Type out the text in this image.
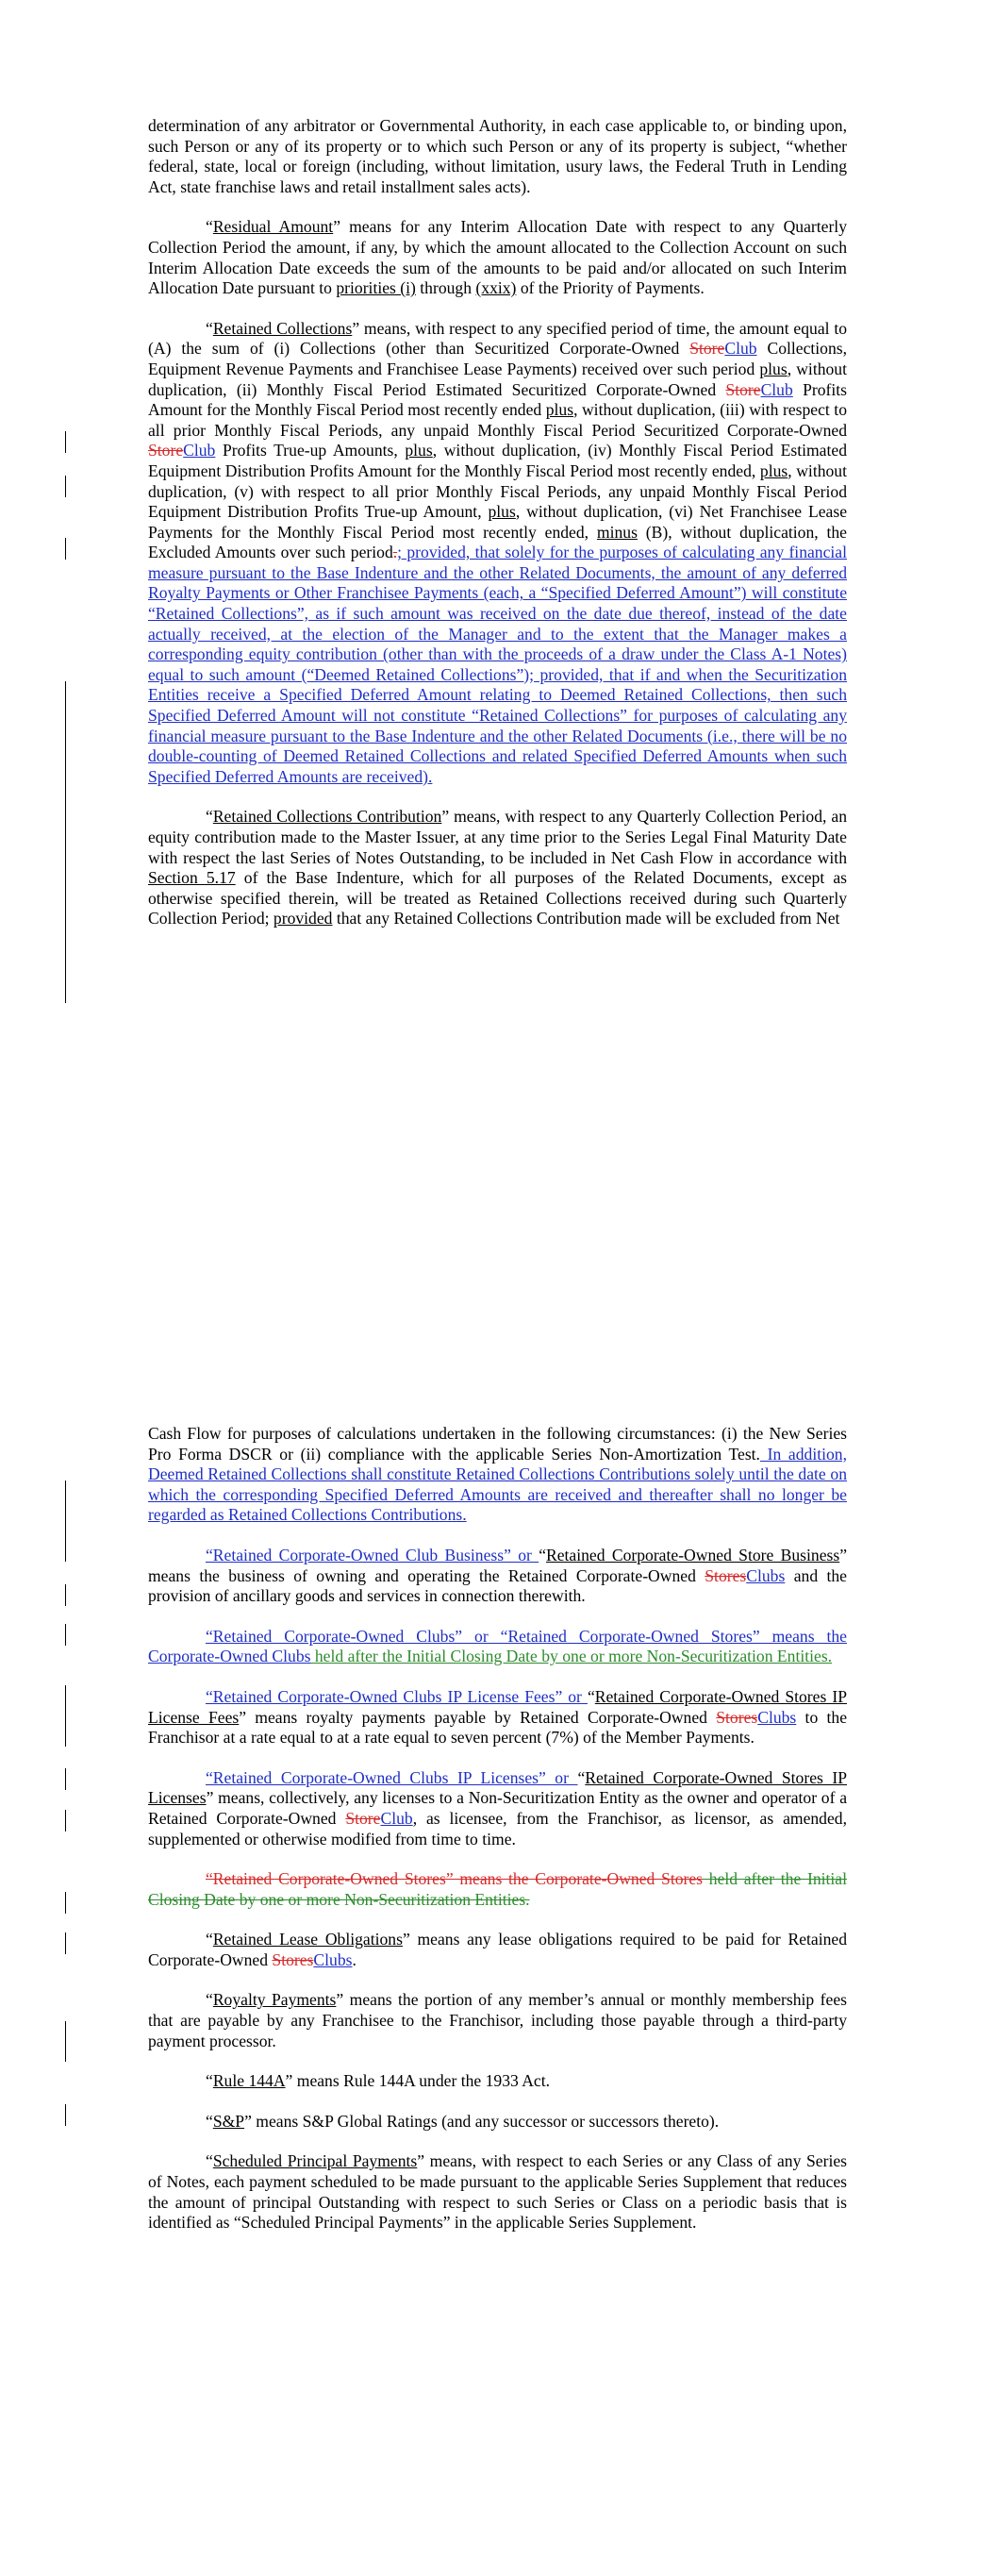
determination of any arbitrator or Governmental Authority, in each case applicable to, or binding upon, such Person or any of its property or to which such Person or any of its property is subject, “whether federal, state, local or foreign (including, without limitation, usury laws, the Federal Truth in Lending Act, state franchise laws and retail installment sales acts).

“Residual Amount” means for any Interim Allocation Date with respect to any Quarterly Collection Period the amount, if any, by which the amount allocated to the Collection Account on such Interim Allocation Date exceeds the sum of the amounts to be paid and/or allocated on such Interim Allocation Date pursuant to priorities (i) through (xxix) of the Priority of Payments.

“Retained Collections” means, with respect to any specified period of time, the amount equal to (A) the sum of (i) Collections (other than Securitized Corporate-Owned StoreClub Collections, Equipment Revenue Payments and Franchisee Lease Payments) received over such period plus, without duplication, (ii) Monthly Fiscal Period Estimated Securitized Corporate-Owned StoreClub Profits Amount for the Monthly Fiscal Period most recently ended plus, without duplication, (iii) with respect to all prior Monthly Fiscal Periods, any unpaid Monthly Fiscal Period Securitized Corporate-Owned StoreClub Profits True-up Amounts, plus, without duplication, (iv) Monthly Fiscal Period Estimated Equipment Distribution Profits Amount for the Monthly Fiscal Period most recently ended, plus, without duplication, (v) with respect to all prior Monthly Fiscal Periods, any unpaid Monthly Fiscal Period Equipment Distribution Profits True-up Amount, plus, without duplication, (vi) Net Franchisee Lease Payments for the Monthly Fiscal Period most recently ended, minus (B), without duplication, the Excluded Amounts over such period.; provided, that solely for the purposes of calculating any financial measure pursuant to the Base Indenture and the other Related Documents, the amount of any deferred Royalty Payments or Other Franchisee Payments (each, a “Specified Deferred Amount”) will constitute “Retained Collections”, as if such amount was received on the date due thereof, instead of the date actually received, at the election of the Manager and to the extent that the Manager makes a corresponding equity contribution (other than with the proceeds of a draw under the Class A-1 Notes) equal to such amount (“Deemed Retained Collections”); provided, that if and when the Securitization Entities receive a Specified Deferred Amount relating to Deemed Retained Collections, then such Specified Deferred Amount will not constitute “Retained Collections” for purposes of calculating any financial measure pursuant to the Base Indenture and the other Related Documents (i.e., there will be no double-counting of Deemed Retained Collections and related Specified Deferred Amounts when such Specified Deferred Amounts are received).

“Retained Collections Contribution” means, with respect to any Quarterly Collection Period, an equity contribution made to the Master Issuer, at any time prior to the Series Legal Final Maturity Date with respect the last Series of Notes Outstanding, to be included in Net Cash Flow in accordance with Section 5.17 of the Base Indenture, which for all purposes of the Related Documents, except as otherwise specified therein, will be treated as Retained Collections received during such Quarterly Collection Period; provided that any Retained Collections Contribution made will be excluded from Net

Cash Flow for purposes of calculations undertaken in the following circumstances: (i) the New Series Pro Forma DSCR or (ii) compliance with the applicable Series Non-Amortization Test. In addition, Deemed Retained Collections shall constitute Retained Collections Contributions solely until the date on which the corresponding Specified Deferred Amounts are received and thereafter shall no longer be regarded as Retained Collections Contributions.

“Retained Corporate-Owned Club Business” or “Retained Corporate-Owned Store Business” means the business of owning and operating the Retained Corporate-Owned StoresClubs and the provision of ancillary goods and services in connection therewith.

“Retained Corporate-Owned Clubs” or “Retained Corporate-Owned Stores” means the Corporate-Owned Clubs held after the Initial Closing Date by one or more Non-Securitization Entities.

“Retained Corporate-Owned Clubs IP License Fees” or “Retained Corporate-Owned Stores IP License Fees” means royalty payments payable by Retained Corporate-Owned StoresClubs to the Franchisor at a rate equal to at a rate equal to seven percent (7%) of the Member Payments.

“Retained Corporate-Owned Clubs IP Licenses” or “Retained Corporate-Owned Stores IP Licenses” means, collectively, any licenses to a Non-Securitization Entity as the owner and operator of a Retained Corporate-Owned StoreClub, as licensee, from the Franchisor, as licensor, as amended, supplemented or otherwise modified from time to time.

“Retained Corporate-Owned Stores” means the Corporate-Owned Stores held after the Initial Closing Date by one or more Non-Securitization Entities.

“Retained Lease Obligations” means any lease obligations required to be paid for Retained Corporate-Owned StoresClubs.

“Royalty Payments” means the portion of any member’s annual or monthly membership fees that are payable by any Franchisee to the Franchisor, including those payable through a third-party payment processor.

“Rule 144A” means Rule 144A under the 1933 Act.

“S&P” means S&P Global Ratings (and any successor or successors thereto).

“Scheduled Principal Payments” means, with respect to each Series or any Class of any Series of Notes, each payment scheduled to be made pursuant to the applicable Series Supplement that reduces the amount of principal Outstanding with respect to such Series or Class on a periodic basis that is identified as “Scheduled Principal Payments” in the applicable Series Supplement.
